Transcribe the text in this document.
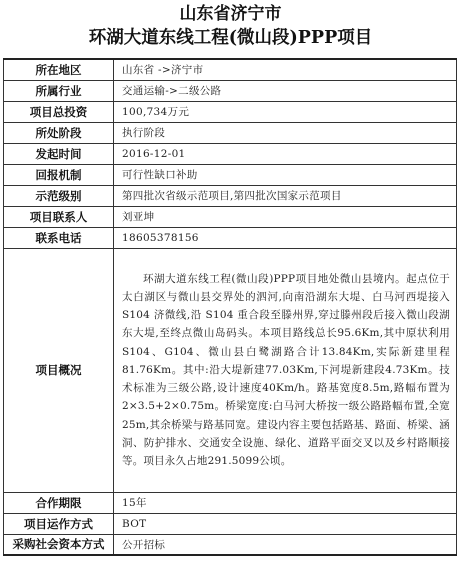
山东省济宁市
环湖大道东线工程(微山段)PPP项目
所在地区	山东省 ->济宁市
所属行业	交通运输->二级公路
项目总投资	100,734万元
所处阶段	执行阶段
发起时间	2016-12-01
回报机制	可行性缺口补助
示范级别	第四批次省级示范项目,第四批次国家示范项目
项目联系人	刘亚坤
联系电话	18605378156
项目概况	环湖大道东线工程(微山段)PPP项目地处微山县境内。起点位于太白湖区与微山县交界处的泗河,向南沿湖东大堤、白马河西堤接入S104 济微线,沿 S104 重合段至滕州界,穿过滕州段后接入微山段湖东大堤,至终点微山岛码头。本项目路线总长95.6Km,其中原状利用 S104、G104、微山县白鹭湖路合计13.84Km,实际新建里程81.76Km。其中:沿大堤新建77.03Km,下河堤新建段4.73Km。技术标准为三级公路,设计速度40Km/h。路基宽度8.5m,路幅布置为2×3.5+2×0.75m。桥梁宽度:白马河大桥按一级公路路幅布置,全宽25m,其余桥梁与路基同宽。建设内容主要包括路基、路面、桥梁、涵洞、防护排水、交通安全设施、绿化、道路平面交叉以及乡村路顺接等。项目永久占地291.5099公顷。

合作期限	15年
项目运作方式	BOT
采购社会资本方式	公开招标
